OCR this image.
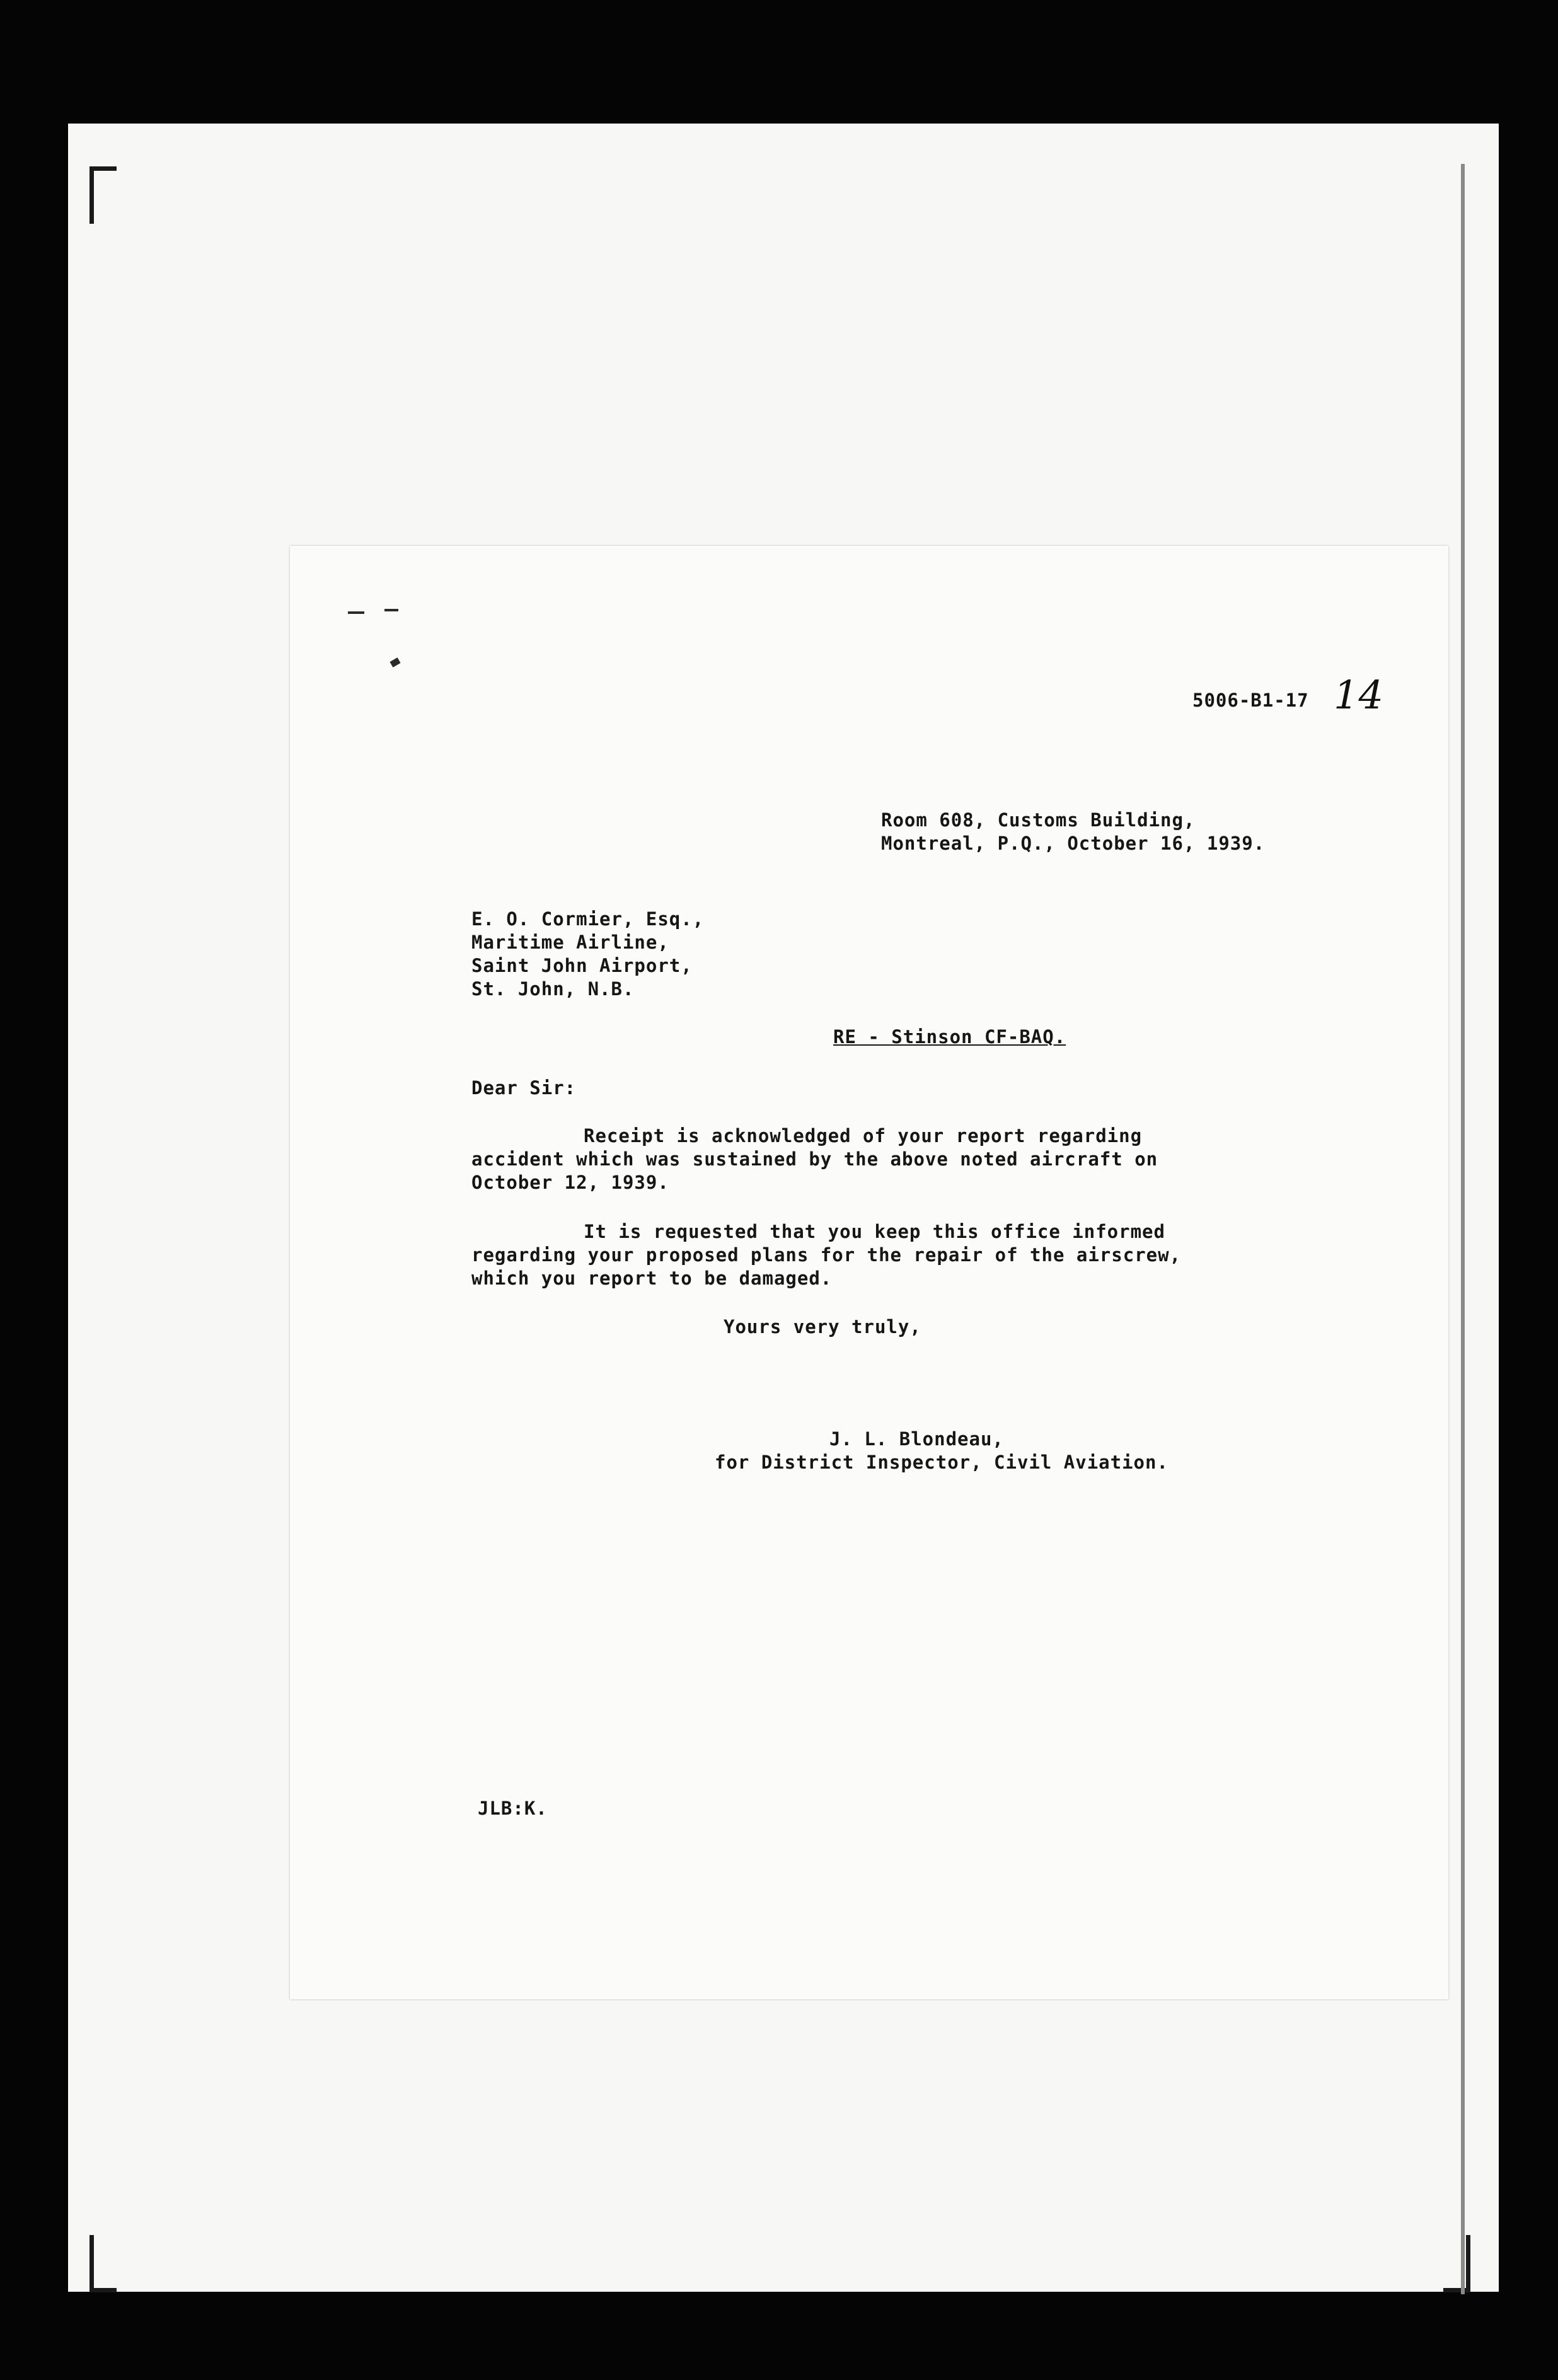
5006-B1-17 14
Room 608, Customs Building,
Montreal, P.Q., October 16, 1939.
E. O. Cormier, Esq.,
Maritime Airline,
Saint John Airport,
St. John, N.B.
RE - Stinson CF-BAQ.
Dear Sir:
Receipt is acknowledged of your report regarding
accident which was sustained by the above noted aircraft on
October 12, 1939.
It is requested that you keep this office informed
regarding your proposed plans for the repair of the airscrew,
which you report to be damaged.
Yours very truly,
J. L. Blondeau,
for District Inspector, Civil Aviation.
JLB:K.
